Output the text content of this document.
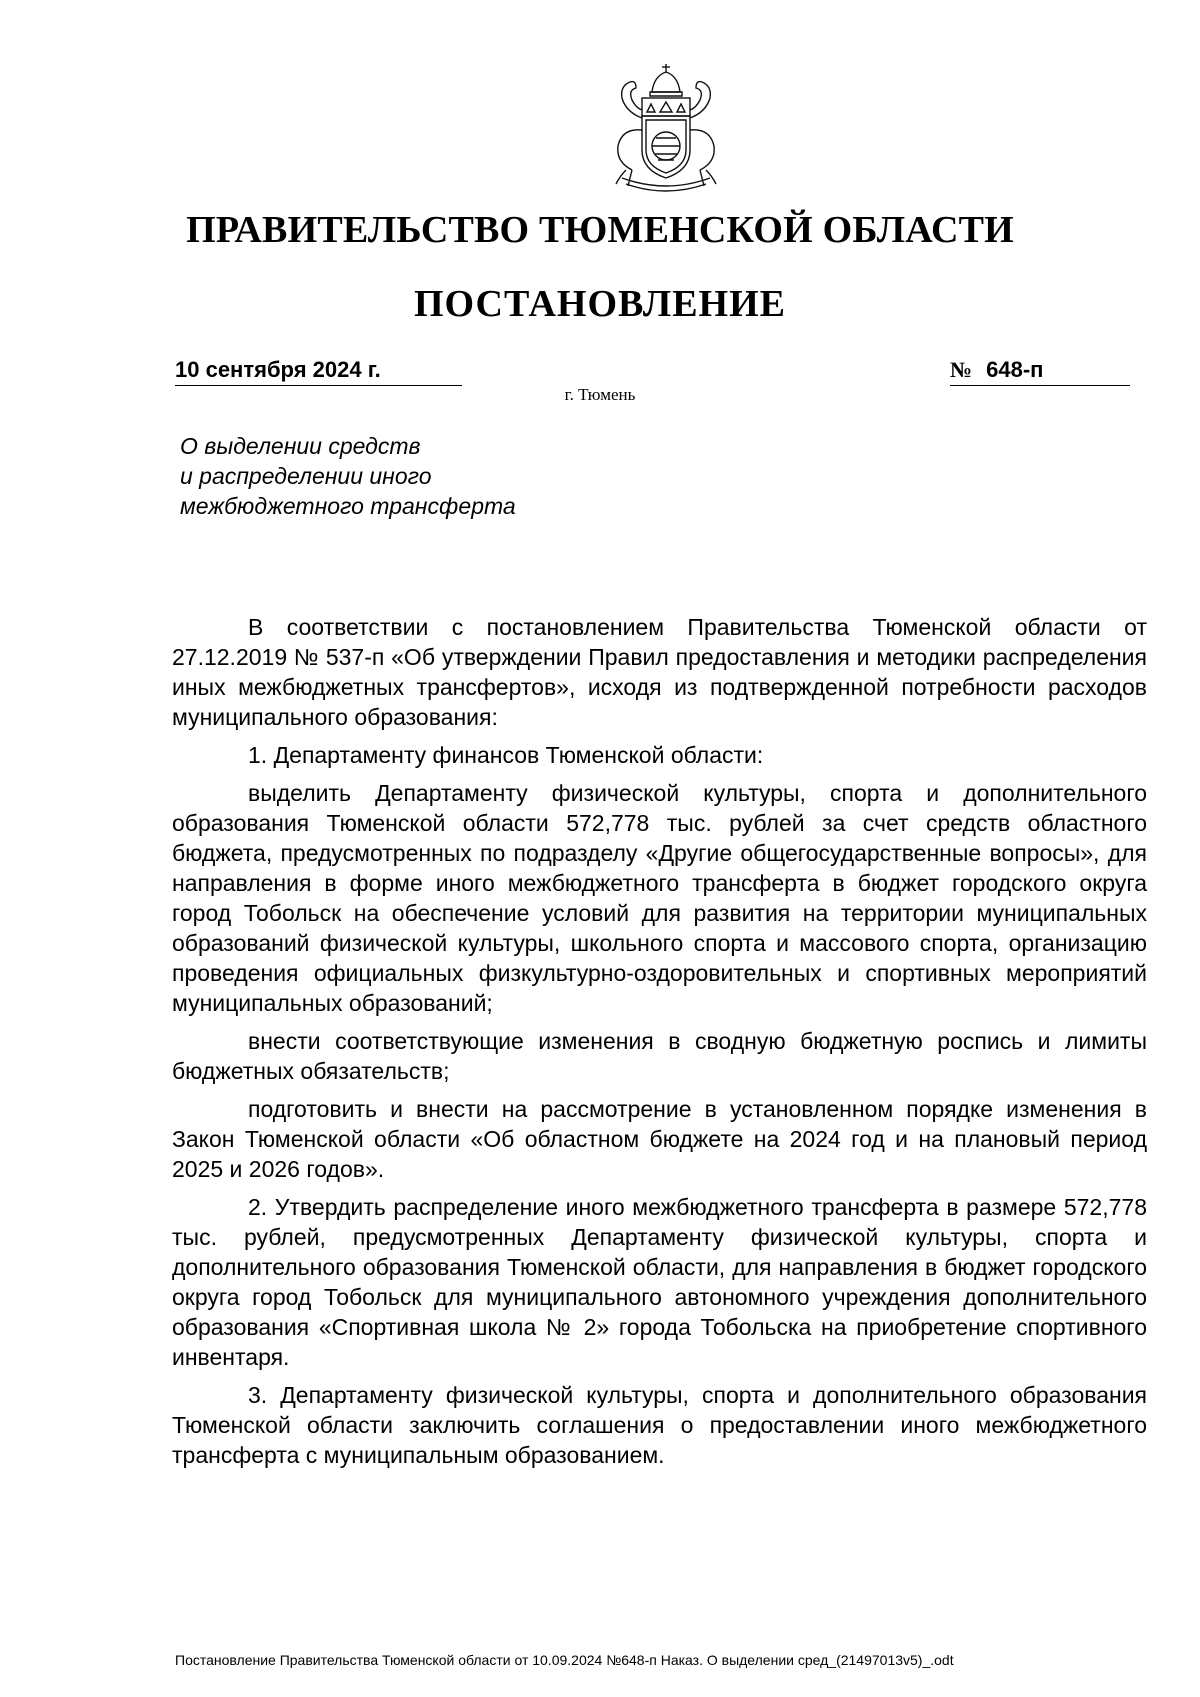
ПРАВИТЕЛЬСТВО ТЮМЕНСКОЙ ОБЛАСТИ
ПОСТАНОВЛЕНИЕ
10 сентября 2024 г.	№ 648-п
г. Тюмень
О выделении средств
и распределении иного
межбюджетного трансферта

В соответствии с постановлением Правительства Тюменской области от 27.12.2019 № 537-п «Об утверждении Правил предоставления и методики распределения иных межбюджетных трансфертов», исходя из подтвержденной потребности расходов муниципального образования:

1. Департаменту финансов Тюменской области:

выделить Департаменту физической культуры, спорта и дополнительного образования Тюменской области 572,778 тыс. рублей за счет средств областного бюджета, предусмотренных по подразделу «Другие общегосударственные вопросы», для направления в форме иного межбюджетного трансферта в бюджет городского округа город Тобольск на обеспечение условий для развития на территории муниципальных образований физической культуры, школьного спорта и массового спорта, организацию проведения официальных физкультурно-оздоровительных и спортивных мероприятий муниципальных образований;

внести соответствующие изменения в сводную бюджетную роспись и лимиты бюджетных обязательств;

подготовить и внести на рассмотрение в установленном порядке изменения в Закон Тюменской области «Об областном бюджете на 2024 год и на плановый период 2025 и 2026 годов».

2. Утвердить распределение иного межбюджетного трансферта в размере 572,778 тыс. рублей, предусмотренных Департаменту физической культуры, спорта и дополнительного образования Тюменской области, для направления в бюджет городского округа город Тобольск для муниципального автономного учреждения дополнительного образования «Спортивная школа № 2» города Тобольска на приобретение спортивного инвентаря.

3. Департаменту физической культуры, спорта и дополнительного образования Тюменской области заключить соглашения о предоставлении иного межбюджетного трансферта с муниципальным образованием.

Постановление Правительства Тюменской области от 10.09.2024 №648-п Наказ. О выделении сред_(21497013v5)_.odt
